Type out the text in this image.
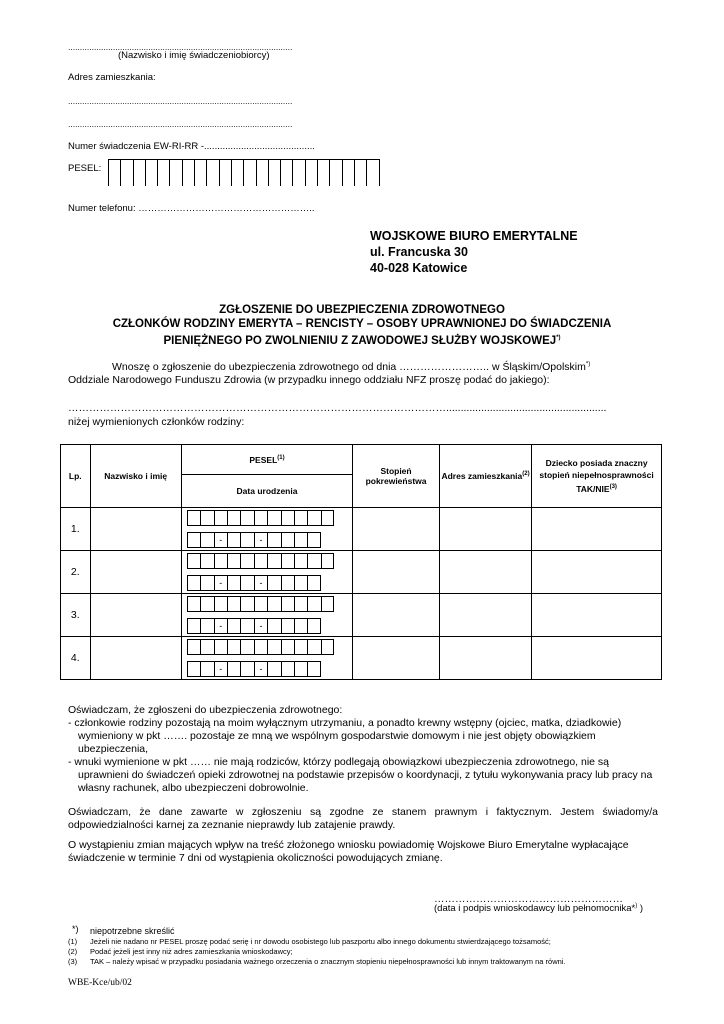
...............................................................................................
(Nazwisko i imię świadczeniobiorcy)
Adres zamieszkania:
...............................................................................................
...............................................................................................
Numer świadczenia EW-RI-RR -..........................................
PESEL:
Numer telefonu: ………………………………………………..
WOJSKOWE BIURO EMERYTALNE
ul. Francuska 30
40-028 Katowice
ZGŁOSZENIE DO UBEZPIECZENIA ZDROWOTNEGO
CZŁONKÓW RODZINY EMERYTA – RENCISTY – OSOBY UPRAWNIONEJ DO ŚWIADCZENIA
PIENIĘŻNEGO PO ZWOLNIENIU Z ZAWODOWEJ SŁUŻBY WOJSKOWEJ*)
Wnoszę o zgłoszenie do ubezpieczenia zdrowotnego od dnia …………………….. w Śląskim/Opolskim*)
Oddziale Narodowego Funduszu Zdrowia (w przypadku innego oddziału NFZ proszę podać do jakiego):
……………………………………………………………………………………………….......................................................
niżej wymienionych członków rodziny:
Lp.	Nazwisko i imię	PESEL$^{(1)}$	Stopień pokrewieństwa	Adres zamieszkania$^{(2)}$	Dziecko posiada znaczny stopień niepełnosprawności TAK/NIE$^{(3)}$
		Data urodzenia			
1.		- -			

2.		- -			

3.		- -			

4.		- -			

Oświadczam, że zgłoszeni do ubezpieczenia zdrowotnego:
- członkowie rodziny pozostają na moim wyłącznym utrzymaniu, a ponadto krewny wstępny (ojciec, matka, dziadkowie) wymieniony w pkt ……. pozostaje ze mną we wspólnym gospodarstwie domowym i nie jest objęty obowiązkiem ubezpieczenia,
- wnuki wymienione w pkt …… nie mają rodziców, którzy podlegają obowiązkowi ubezpieczenia zdrowotnego, nie są uprawnieni do świadczeń opieki zdrowotnej na podstawie przepisów o koordynacji, z tytułu wykonywania pracy lub pracy na własny rachunek, albo ubezpieczeni dobrowolnie.
Oświadczam, że dane zawarte w zgłoszeniu są zgodne ze stanem prawnym i faktycznym. Jestem świadomy/a odpowiedzialności karnej za zeznanie nieprawdy lub zatajenie prawdy.
O wystąpieniu zmian mających wpływ na treść złożonego wniosku powiadomię Wojskowe Biuro Emerytalne wypłacające świadczenie w terminie 7 dni od wystąpienia okoliczności powodujących zmianę.
………………………………………………
(data i podpis wnioskodawcy lub pełnomocnika*) )
*) niepotrzebne skreślić
(1) Jeżeli nie nadano nr PESEL proszę podać serię i nr dowodu osobistego lub paszportu albo innego dokumentu stwierdzającego tożsamość;
(2) Podać jeżeli jest inny niż adres zamieszkania wnioskodawcy;
(3) TAK – należy wpisać w przypadku posiadania ważnego orzeczenia o znacznym stopieniu niepełnosprawności lub innym traktowanym na równi.
WBE-Kce/ub/02
